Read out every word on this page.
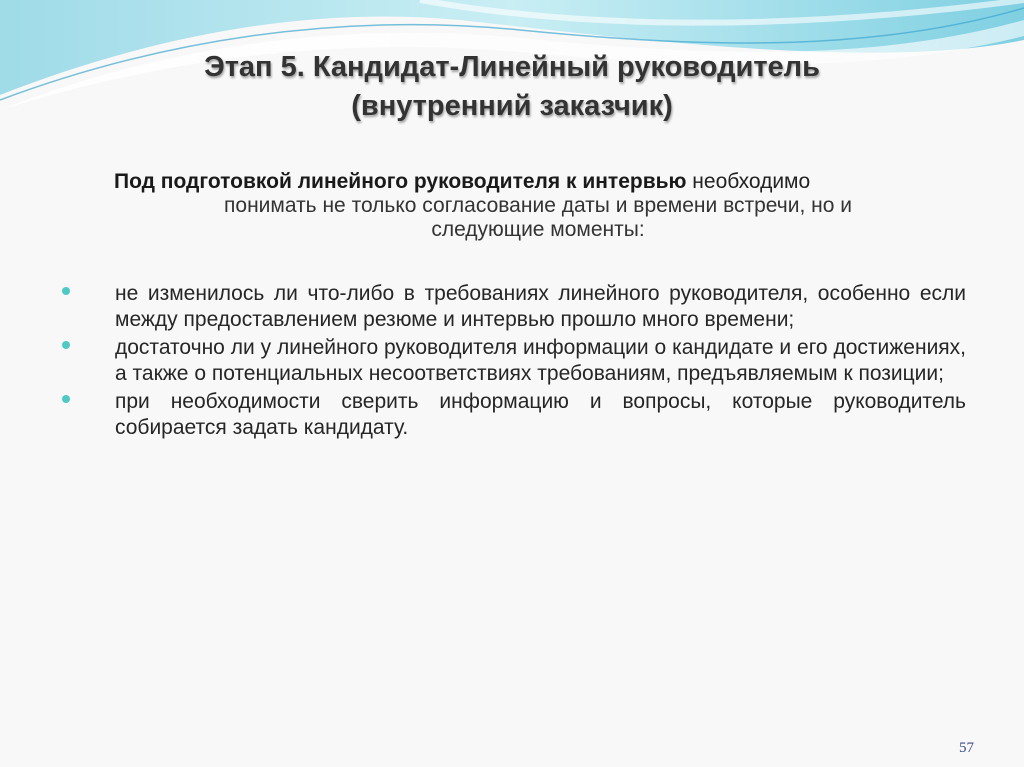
Этап 5. Кандидат-Линейный руководитель
(внутренний заказчик)
Под подготовкой линейного руководителя к интервью необходимо
понимать не только согласование даты и времени встречи, но и
следующие моменты:
не изменилось ли что-либо в требованиях линейного руководителя, особенно если между предоставлением резюме и интервью прошло много времени;
достаточно ли у линейного руководителя информации о кандидате и его достижениях, а также о потенциальных несоответствиях требованиям, предъявляемым к позиции;
при необходимости сверить информацию и вопросы, которые руководитель собирается задать кандидату.
57
